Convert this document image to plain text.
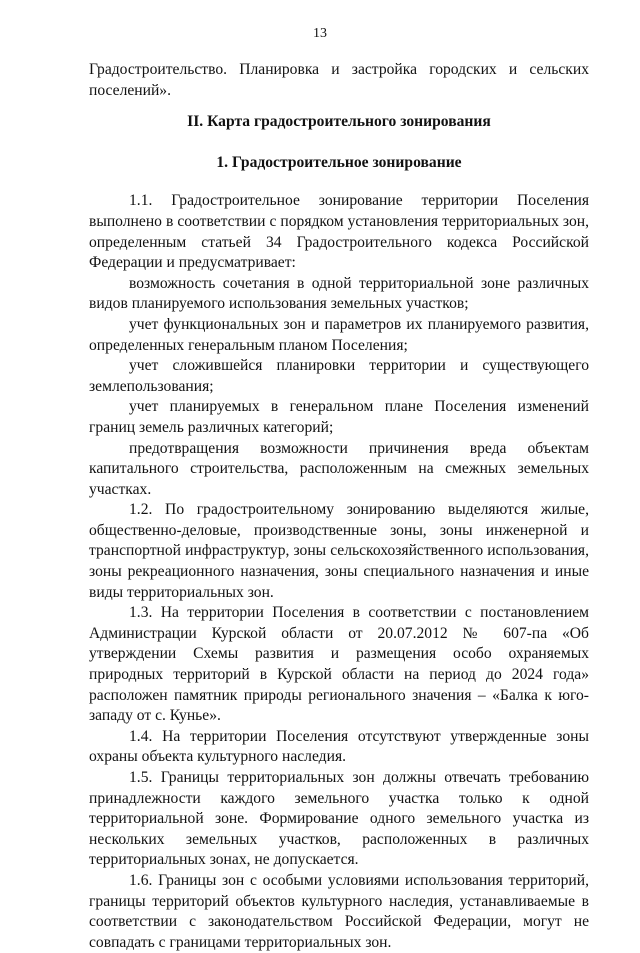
13

Градостроительство. Планировка и застройка городских и сельских поселений».

II. Карта градостроительного зонирования

1. Градостроительное зонирование

1.1. Градостроительное зонирование территории Поселения выполнено в соответствии с порядком установления территориальных зон, определенным статьей 34 Градостроительного кодекса Российской Федерации и предусматривает:

возможность сочетания в одной территориальной зоне различных видов планируемого использования земельных участков;

учет функциональных зон и параметров их планируемого развития, определенных генеральным планом Поселения;

учет сложившейся планировки территории и существующего землепользования;

учет планируемых в генеральном плане Поселения изменений границ земель различных категорий;

предотвращения возможности причинения вреда объектам капитального строительства, расположенным на смежных земельных участках.

1.2. По градостроительному зонированию выделяются жилые, общественно-деловые, производственные зоны, зоны инженерной и транспортной инфраструктур, зоны сельскохозяйственного использования, зоны рекреационного назначения, зоны специального назначения и иные виды территориальных зон.

1.3. На территории Поселения в соответствии с постановлением Администрации Курской области от 20.07.2012 № 607-па «Об утверждении Схемы развития и размещения особо охраняемых природных территорий в Курской области на период до 2024 года» расположен памятник природы регионального значения – «Балка к юго-западу от с. Кунье».

1.4. На территории Поселения отсутствуют утвержденные зоны охраны объекта культурного наследия.

1.5. Границы территориальных зон должны отвечать требованию принадлежности каждого земельного участка только к одной территориальной зоне. Формирование одного земельного участка из нескольких земельных участков, расположенных в различных территориальных зонах, не допускается.

1.6. Границы зон с особыми условиями использования территорий, границы территорий объектов культурного наследия, устанавливаемые в соответствии с законодательством Российской Федерации, могут не совпадать с границами территориальных зон.
